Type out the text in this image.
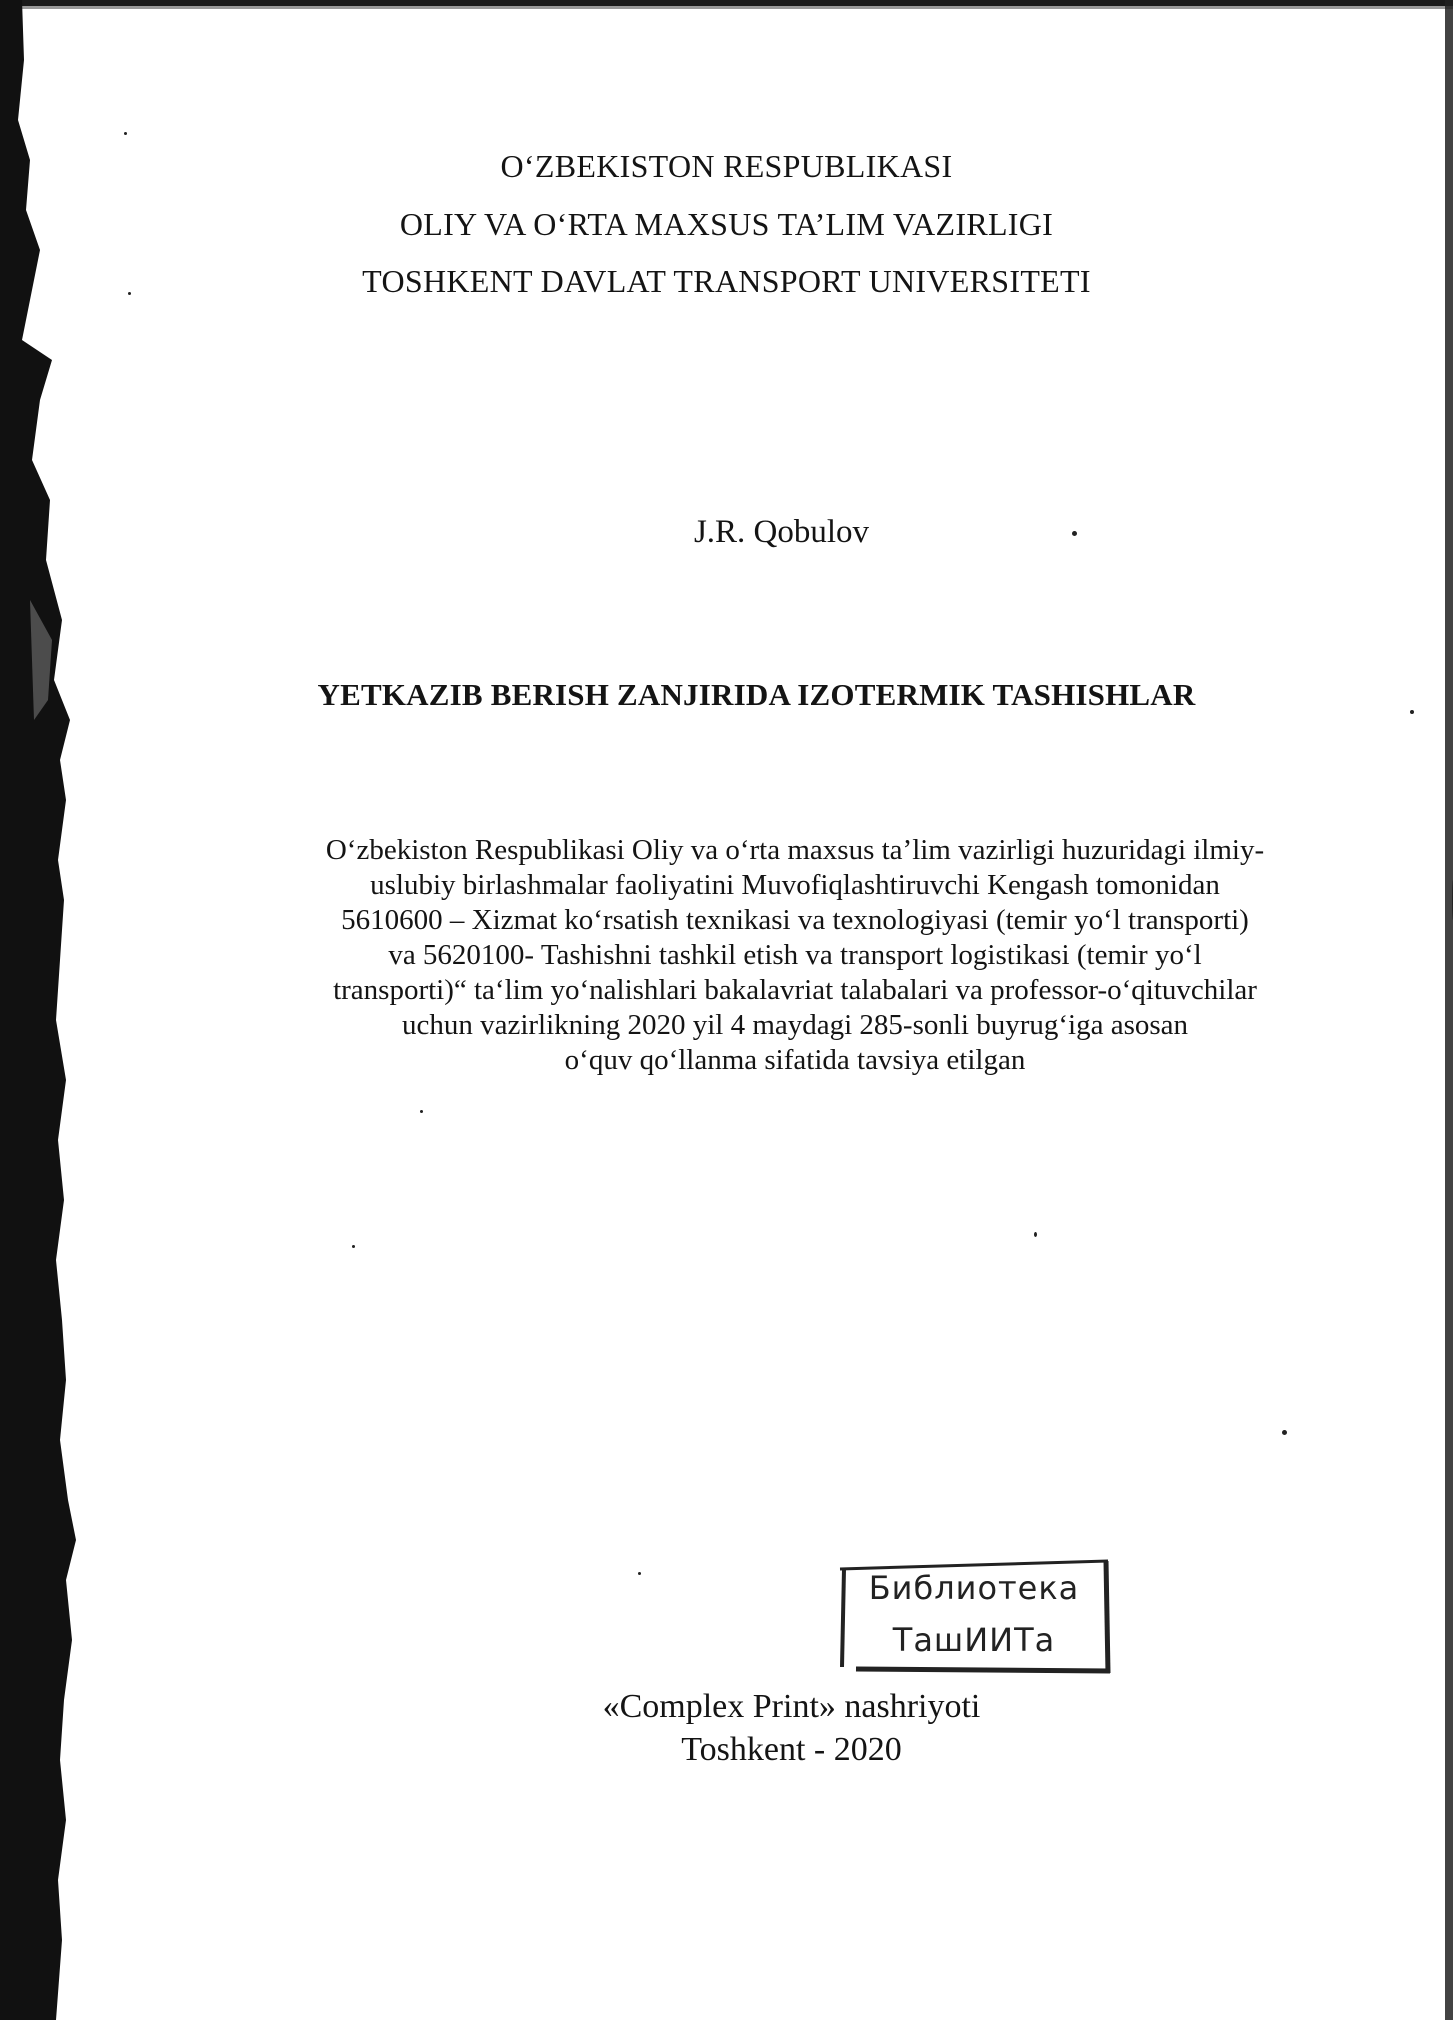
O‘ZBEKISTON RESPUBLIKASI
OLIY VA O‘RTA MAXSUS TA’LIM VAZIRLIGI
TOSHKENT DAVLAT TRANSPORT UNIVERSITETI
J.R. Qobulov
YETKAZIB BERISH ZANJIRIDA IZOTERMIK TASHISHLAR
O‘zbekiston Respublikasi Oliy va o‘rta maxsus ta’lim vazirligi huzuridagi ilmiy-
uslubiy birlashmalar faoliyatini Muvofiqlashtiruvchi Kengash tomonidan
5610600 – Xizmat ko‘rsatish texnikasi va texnologiyasi (temir yo‘l transporti)
va 5620100- Tashishni tashkil etish va transport logistikasi (temir yo‘l
transporti)“ ta‘lim yo‘nalishlari bakalavriat talabalari va professor-o‘qituvchilar
uchun vazirlikning 2020 yil 4 maydagi 285-sonli buyrug‘iga asosan
o‘quv qo‘llanma sifatida tavsiya etilgan
Библиотека
ТашИИТа
«Complex Print» nashriyoti
Toshkent - 2020
